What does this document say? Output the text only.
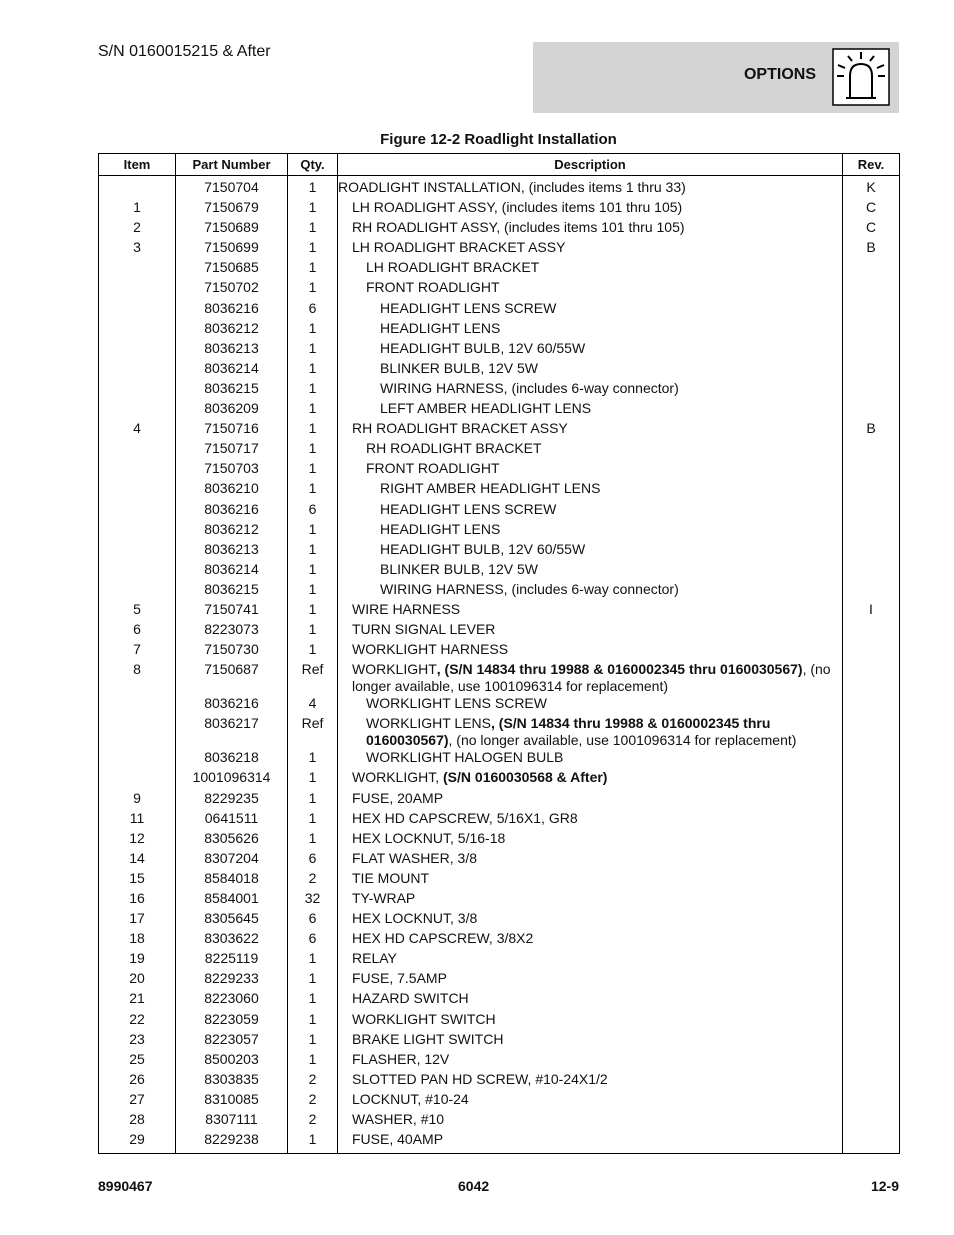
S/N 0160015215 & After
OPTIONS
Figure 12-2 Roadlight Installation
Item	Part Number	Qty.	Description	Rev.
	7150704	1	ROADLIGHT INSTALLATION, (includes items 1 thru 33)	K
1	7150679	1	LH ROADLIGHT ASSY, (includes items 101 thru 105)	C
2	7150689	1	RH ROADLIGHT ASSY, (includes items 101 thru 105)	C
3	7150699	1	LH ROADLIGHT BRACKET ASSY	B
	7150685	1	LH ROADLIGHT BRACKET	

	7150702	1	FRONT ROADLIGHT	

	8036216	6	HEADLIGHT LENS SCREW	

	8036212	1	HEADLIGHT LENS	

	8036213	1	HEADLIGHT BULB, 12V 60/55W	

	8036214	1	BLINKER BULB, 12V 5W	

	8036215	1	WIRING HARNESS, (includes 6-way connector)	

	8036209	1	LEFT AMBER HEADLIGHT LENS	

4	7150716	1	RH ROADLIGHT BRACKET ASSY	B
	7150717	1	RH ROADLIGHT BRACKET	

	7150703	1	FRONT ROADLIGHT	

	8036210	1	RIGHT AMBER HEADLIGHT LENS	

	8036216	6	HEADLIGHT LENS SCREW	

	8036212	1	HEADLIGHT LENS	

	8036213	1	HEADLIGHT BULB, 12V 60/55W	

	8036214	1	BLINKER BULB, 12V 5W	

	8036215	1	WIRING HARNESS, (includes 6-way connector)	

5	7150741	1	WIRE HARNESS	I
6	8223073	1	TURN SIGNAL LEVER	

7	7150730	1	WORKLIGHT HARNESS	

8	7150687	Ref	WORKLIGHT, (S/N 14834 thru 19988 & 0160002345 thru 0160030567), (no longer available, use 1001096314 for replacement)	

	8036216	4	WORKLIGHT LENS SCREW	

	8036217	Ref	WORKLIGHT LENS, (S/N 14834 thru 19988 & 0160002345 thru 0160030567), (no longer available, use 1001096314 for replacement)	

	8036218	1	WORKLIGHT HALOGEN BULB	

	1001096314	1	WORKLIGHT, (S/N 0160030568 & After)	

9	8229235	1	FUSE, 20AMP	

11	0641511	1	HEX HD CAPSCREW, 5/16X1, GR8	

12	8305626	1	HEX LOCKNUT, 5/16-18	

14	8307204	6	FLAT WASHER, 3/8	

15	8584018	2	TIE MOUNT	

16	8584001	32	TY-WRAP	

17	8305645	6	HEX LOCKNUT, 3/8	

18	8303622	6	HEX HD CAPSCREW, 3/8X2	

19	8225119	1	RELAY	

20	8229233	1	FUSE, 7.5AMP	

21	8223060	1	HAZARD SWITCH	

22	8223059	1	WORKLIGHT SWITCH	

23	8223057	1	BRAKE LIGHT SWITCH	

25	8500203	1	FLASHER, 12V	

26	8303835	2	SLOTTED PAN HD SCREW, #10-24X1/2	

27	8310085	2	LOCKNUT, #10-24	

28	8307111	2	WASHER, #10	

29	8229238	1	FUSE, 40AMP	

8990467	6042	12-9
